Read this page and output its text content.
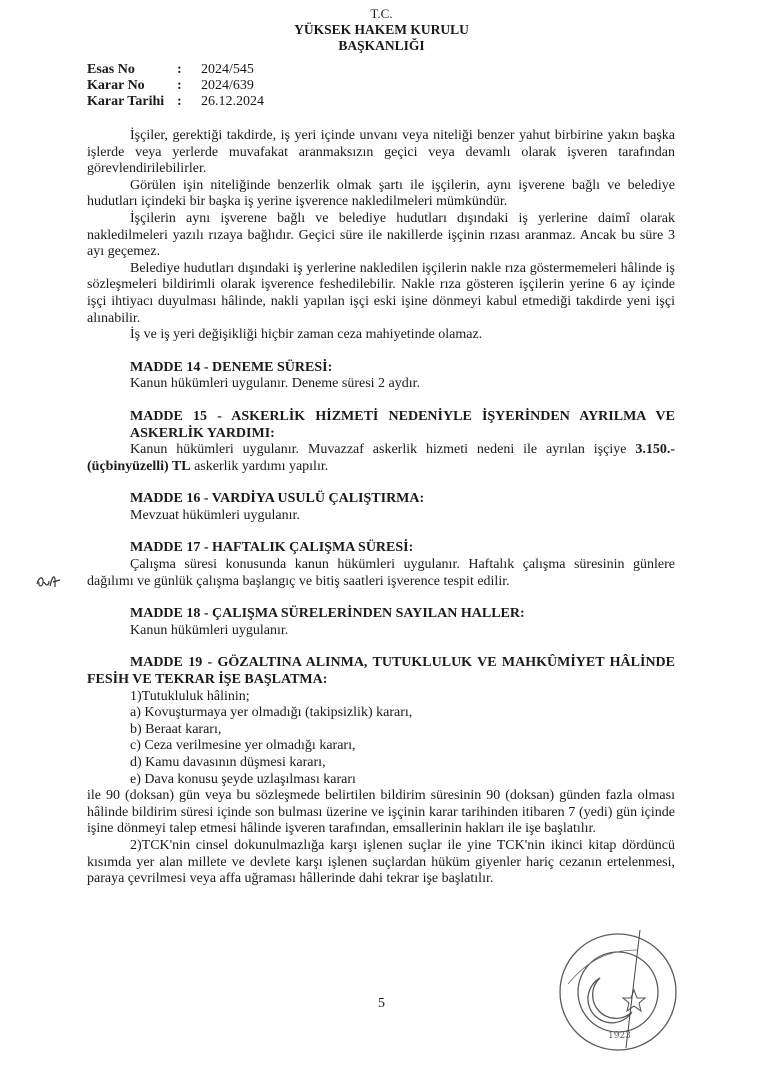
T.C.
YÜKSEK HAKEM KURULU
BAŞKANLIĞI
Esas No	:	2024/545
Karar No	:	2024/639
Karar Tarihi :	26.12.2024

İşçiler, gerektiği takdirde, iş yeri içinde unvanı veya niteliği benzer yahut birbirine yakın başka işlerde veya yerlerde muvafakat aranmaksızın geçici veya devamlı olarak işveren tarafından görevlendirilebilirler.

Görülen işin niteliğinde benzerlik olmak şartı ile işçilerin, aynı işverene bağlı ve belediye hudutları içindeki bir başka iş yerine işverence nakledilmeleri mümkündür.

İşçilerin aynı işverene bağlı ve belediye hudutları dışındaki iş yerlerine daimî olarak nakledilmeleri yazılı rızaya bağlıdır. Geçici süre ile nakillerde işçinin rızası aranmaz. Ancak bu süre 3 ayı geçemez.

Belediye hudutları dışındaki iş yerlerine nakledilen işçilerin nakle rıza göstermemeleri hâlinde iş sözleşmeleri bildirimli olarak işverence feshedilebilir. Nakle rıza gösteren işçilerin yerine 6 ay içinde işçi ihtiyacı duyulması hâlinde, nakli yapılan işçi eski işine dönmeyi kabul etmediği takdirde yeni işçi alınabilir.

İş ve iş yeri değişikliği hiçbir zaman ceza mahiyetinde olamaz.

MADDE 14 - DENEME SÜRESİ:

Kanun hükümleri uygulanır. Deneme süresi 2 aydır.

MADDE 15 - ASKERLİK HİZMETİ NEDENİYLE İŞYERİNDEN AYRILMA VE ASKERLİK YARDIMI:

Kanun hükümleri uygulanır. Muvazzaf askerlik hizmeti nedeni ile ayrılan işçiye 3.150.-(üçbinyüzelli) TL askerlik yardımı yapılır.

MADDE 16 - VARDİYA USULÜ ÇALIŞTIRMA:

Mevzuat hükümleri uygulanır.

MADDE 17 - HAFTALIK ÇALIŞMA SÜRESİ:

Çalışma süresi konusunda kanun hükümleri uygulanır. Haftalık çalışma süresinin günlere dağılımı ve günlük çalışma başlangıç ve bitiş saatleri işverence tespit edilir.

MADDE 18 - ÇALIŞMA SÜRELERİNDEN SAYILAN HALLER:

Kanun hükümleri uygulanır.

MADDE 19 - GÖZALTINA ALINMA, TUTUKLULUK VE MAHKÛMİYET HÂLİNDE FESİH VE TEKRAR İŞE BAŞLATMA:

1)Tutukluluk hâlinin;

a) Kovuşturmaya yer olmadığı (takipsizlik) kararı,

b) Beraat kararı,

c) Ceza verilmesine yer olmadığı kararı,

d) Kamu davasının düşmesi kararı,

e) Dava konusu şeyde uzlaşılması kararı

ile 90 (doksan) gün veya bu sözleşmede belirtilen bildirim süresinin 90 (doksan) günden fazla olması hâlinde bildirim süresi içinde son bulması üzerine ve işçinin karar tarihinden itibaren 7 (yedi) gün içinde işine dönmeyi talep etmesi hâlinde işveren tarafından, emsallerinin hakları ile işe başlatılır.

2)TCK'nin cinsel dokunulmazlığa karşı işlenen suçlar ile yine TCK'nin ikinci kitap dördüncü kısımda yer alan millete ve devlete karşı işlenen suçlardan hüküm giyenler hariç cezanın ertelenmesi, paraya çevrilmesi veya affa uğraması hâllerinde dahi tekrar işe başlatılır.

5
1923
